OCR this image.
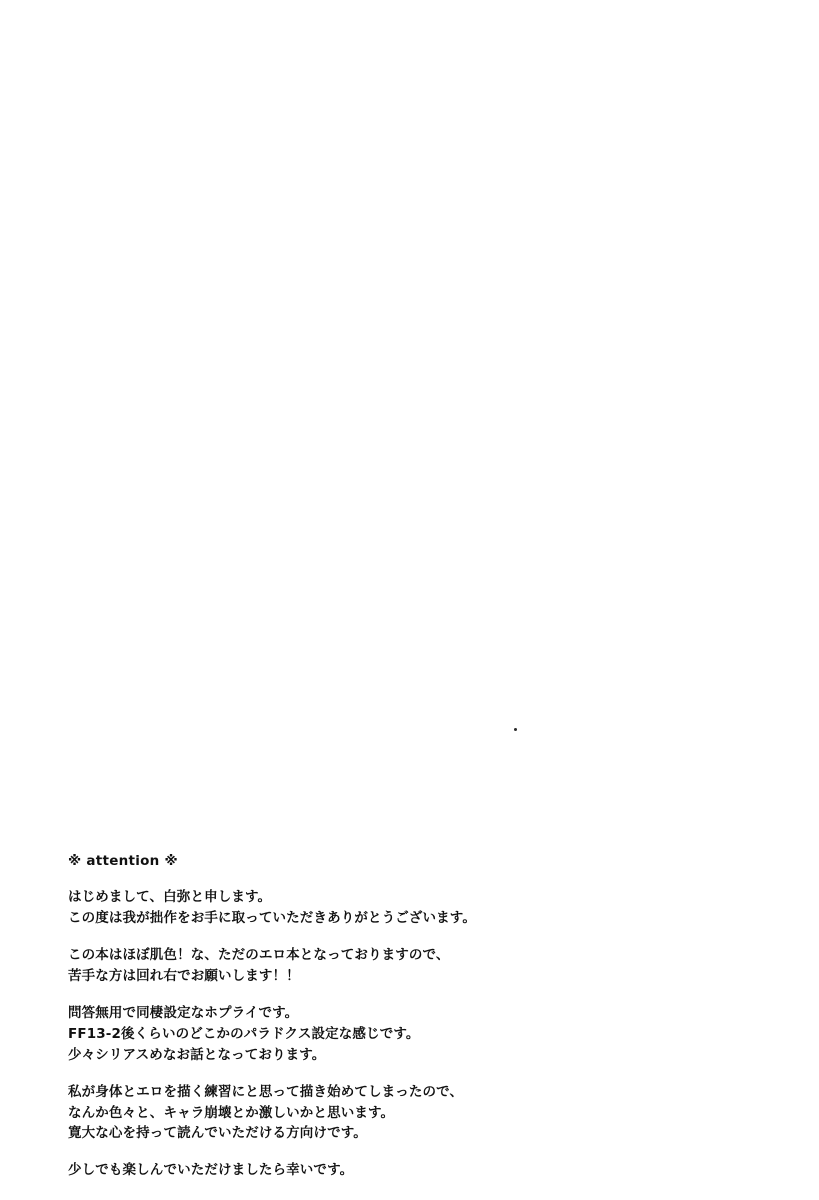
※ attention ※
はじめまして、白弥と申します。
この度は我が拙作をお手に取っていただきありがとうございます。
この本はほぼ肌色！な、ただのエロ本となっておりますので、
苦手な方は回れ右でお願いします！！
問答無用で同棲設定なホプライです。
FF13-2後くらいのどこかのパラドクス設定な感じです。
少々シリアスめなお話となっております。
私が身体とエロを描く練習にと思って描き始めてしまったので、
なんか色々と、キャラ崩壊とか激しいかと思います。
寛大な心を持って読んでいただける方向けです。
少しでも楽しんでいただけましたら幸いです。
